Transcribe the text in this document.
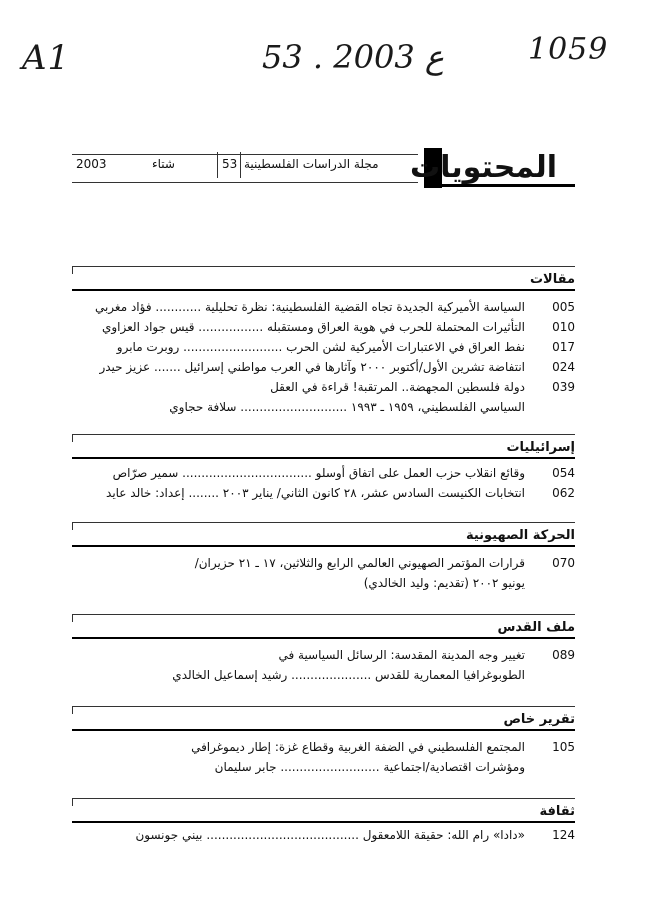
A1	53 . ع 2003	1059
المحتويات
مجلة الدراسات الفلسطينية
53
شتاء
2003
مقالات
005
السياسة الأميركية الجديدة تجاه القضية الفلسطينية: نظرة تحليلية ............ فؤاد مغربي
010
التأثيرات المحتملة للحرب في هوية العراق ومستقبله ................. قيس جواد العزاوي
017
نفط العراق في الاعتبارات الأميركية لشن الحرب .......................... روبرت مابرو
024
انتفاضة تشرين الأول/أكتوبر ٢٠٠٠ وآثارها في العرب مواطني إسرائيل ....... عزيز حيدر
039
دولة فلسطين المجهضة.. المرتقبة! قراءة في العقل
السياسي الفلسطيني، ١٩٥٩ ـ ١٩٩٣ ............................ سلافة حجاوي
إسرائيليات
054
وقائع انقلاب حزب العمل على اتفاق أوسلو .................................. سمير صرّاص
062
انتخابات الكنيست السادس عشر، ٢٨ كانون الثاني/ يناير ٢٠٠٣ ........ إعداد: خالد عايد
الحركة الصهيونية
070
قرارات المؤتمر الصهيوني العالمي الرابع والثلاثين، ١٧ ـ ٢١ حزيران/
يونيو ٢٠٠٢ (تقديم: وليد الخالدي)
ملف القدس
089
تغيير وجه المدينة المقدسة: الرسائل السياسية في
الطوبوغرافيا المعمارية للقدس ..................... رشيد إسماعيل الخالدي
تقرير خاص
105
المجتمع الفلسطيني في الضفة الغربية وقطاع غزة: إطار ديموغرافي
ومؤشرات اقتصادية/اجتماعية .......................... جابر سليمان
ثقافة
124
«دادا» رام الله: حقيقة اللامعقول ........................................ بيني جونسون
